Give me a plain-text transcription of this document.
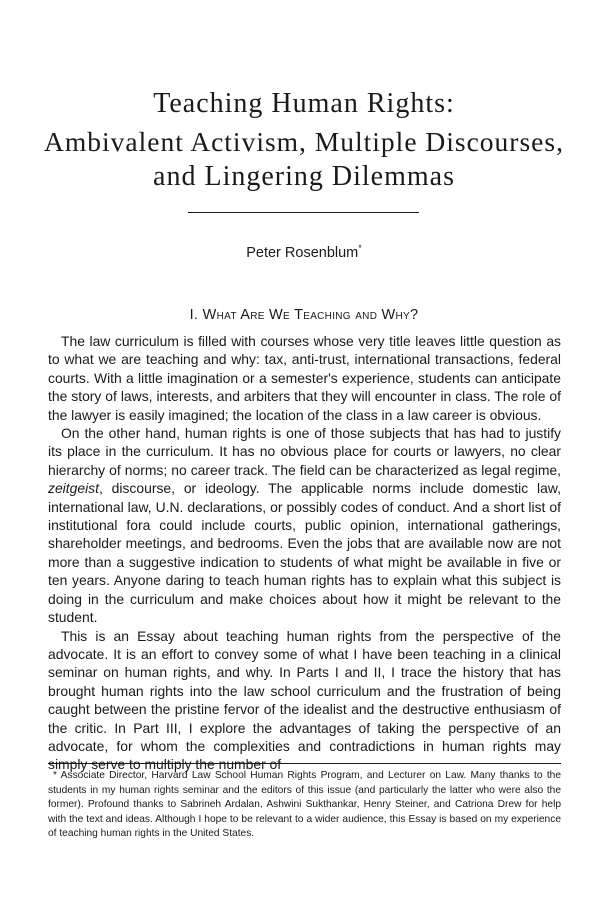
Teaching Human Rights:
Ambivalent Activism, Multiple Discourses,
and Lingering Dilemmas
Peter Rosenblum*
I. What Are We Teaching and Why?

The law curriculum is filled with courses whose very title leaves little question as to what we are teaching and why: tax, anti-trust, international transactions, federal courts. With a little imagination or a semester's experience, students can anticipate the story of laws, interests, and arbiters that they will encounter in class. The role of the lawyer is easily imagined; the location of the class in a law career is obvious.

On the other hand, human rights is one of those subjects that has had to justify its place in the curriculum. It has no obvious place for courts or lawyers, no clear hierarchy of norms; no career track. The field can be characterized as legal regime, zeitgeist, discourse, or ideology. The applicable norms include domestic law, international law, U.N. declarations, or possibly codes of conduct. And a short list of institutional fora could include courts, public opinion, international gatherings, shareholder meetings, and bedrooms. Even the jobs that are available now are not more than a suggestive indication to students of what might be available in five or ten years. Anyone daring to teach human rights has to explain what this subject is doing in the curriculum and make choices about how it might be relevant to the student.

This is an Essay about teaching human rights from the perspective of the advocate. It is an effort to convey some of what I have been teaching in a clinical seminar on human rights, and why. In Parts I and II, I trace the history that has brought human rights into the law school curriculum and the frustration of being caught between the pristine fervor of the idealist and the destructive enthusiasm of the critic. In Part III, I explore the advantages of taking the perspective of an advocate, for whom the complexities and contradictions in human rights may simply serve to multiply the number of

* Associate Director, Harvard Law School Human Rights Program, and Lecturer on Law. Many thanks to the students in my human rights seminar and the editors of this issue (and particularly the latter who were also the former). Profound thanks to Sabrineh Ardalan, Ashwini Sukthankar, Henry Steiner, and Catriona Drew for help with the text and ideas. Although I hope to be relevant to a wider audience, this Essay is based on my experience of teaching human rights in the United States.
